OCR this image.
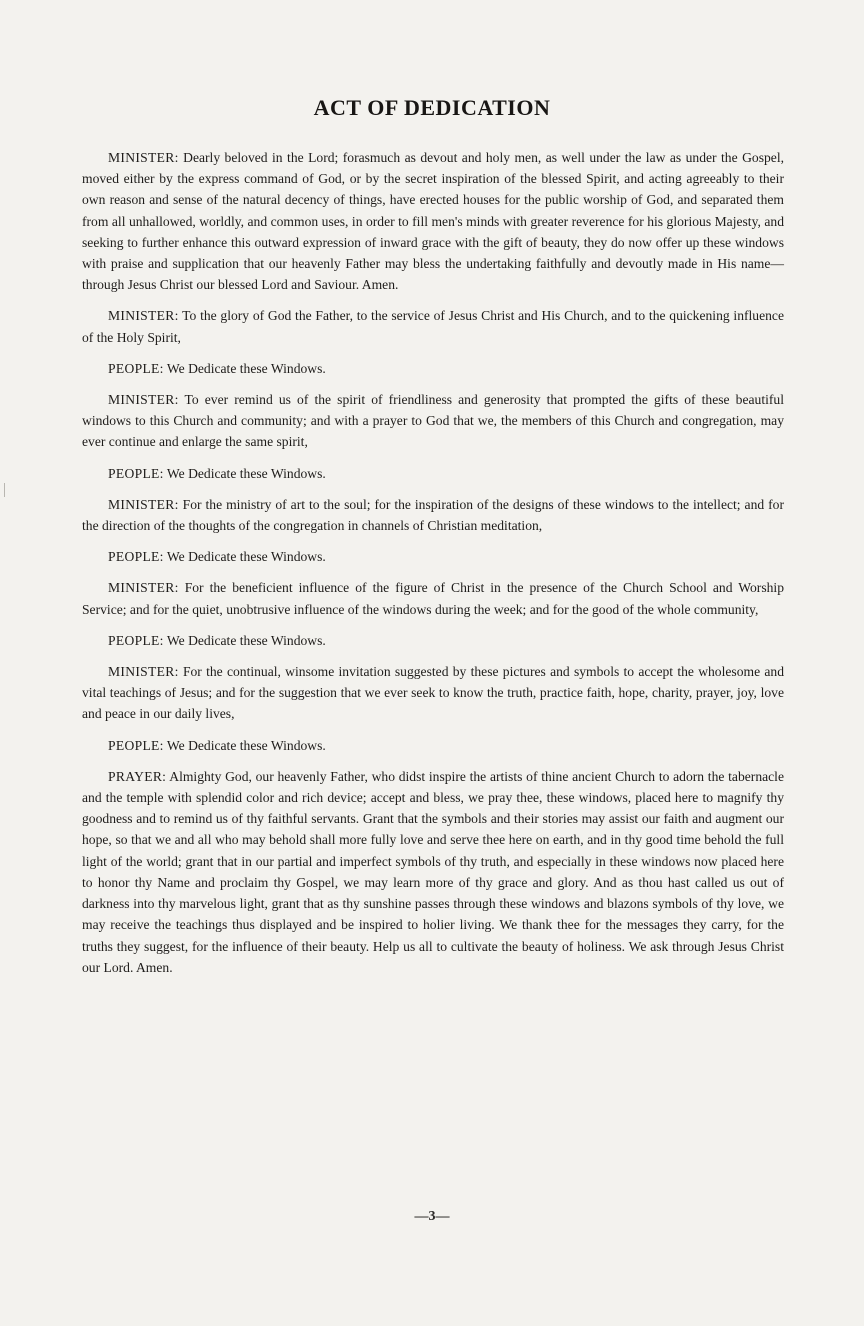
ACT OF DEDICATION

MINISTER: Dearly beloved in the Lord; forasmuch as devout and holy men, as well under the law as under the Gospel, moved either by the express command of God, or by the secret inspiration of the blessed Spirit, and acting agreeably to their own reason and sense of the natural decency of things, have erected houses for the public worship of God, and separated them from all unhallowed, worldly, and common uses, in order to fill men's minds with greater reverence for his glorious Majesty, and seeking to further enhance this outward expression of inward grace with the gift of beauty, they do now offer up these windows with praise and supplication that our heavenly Father may bless the undertaking faithfully and devoutly made in His name—through Jesus Christ our blessed Lord and Saviour. Amen.

MINISTER: To the glory of God the Father, to the service of Jesus Christ and His Church, and to the quickening influence of the Holy Spirit,

PEOPLE: We Dedicate these Windows.

MINISTER: To ever remind us of the spirit of friendliness and generosity that prompted the gifts of these beautiful windows to this Church and community; and with a prayer to God that we, the members of this Church and congregation, may ever continue and enlarge the same spirit,

PEOPLE: We Dedicate these Windows.

MINISTER: For the ministry of art to the soul; for the inspiration of the designs of these windows to the intellect; and for the direction of the thoughts of the congregation in channels of Christian meditation,

PEOPLE: We Dedicate these Windows.

MINISTER: For the beneficient influence of the figure of Christ in the presence of the Church School and Worship Service; and for the quiet, unobtrusive influence of the windows during the week; and for the good of the whole community,

PEOPLE: We Dedicate these Windows.

MINISTER: For the continual, winsome invitation suggested by these pictures and symbols to accept the wholesome and vital teachings of Jesus; and for the suggestion that we ever seek to know the truth, practice faith, hope, charity, prayer, joy, love and peace in our daily lives,

PEOPLE: We Dedicate these Windows.

PRAYER: Almighty God, our heavenly Father, who didst inspire the artists of thine ancient Church to adorn the tabernacle and the temple with splendid color and rich device; accept and bless, we pray thee, these windows, placed here to magnify thy goodness and to remind us of thy faithful servants. Grant that the symbols and their stories may assist our faith and augment our hope, so that we and all who may behold shall more fully love and serve thee here on earth, and in thy good time behold the full light of the world; grant that in our partial and imperfect symbols of thy truth, and especially in these windows now placed here to honor thy Name and proclaim thy Gospel, we may learn more of thy grace and glory. And as thou hast called us out of darkness into thy marvelous light, grant that as thy sunshine passes through these windows and blazons symbols of thy love, we may receive the teachings thus displayed and be inspired to holier living. We thank thee for the messages they carry, for the truths they suggest, for the influence of their beauty. Help us all to cultivate the beauty of holiness. We ask through Jesus Christ our Lord. Amen.

—3—
